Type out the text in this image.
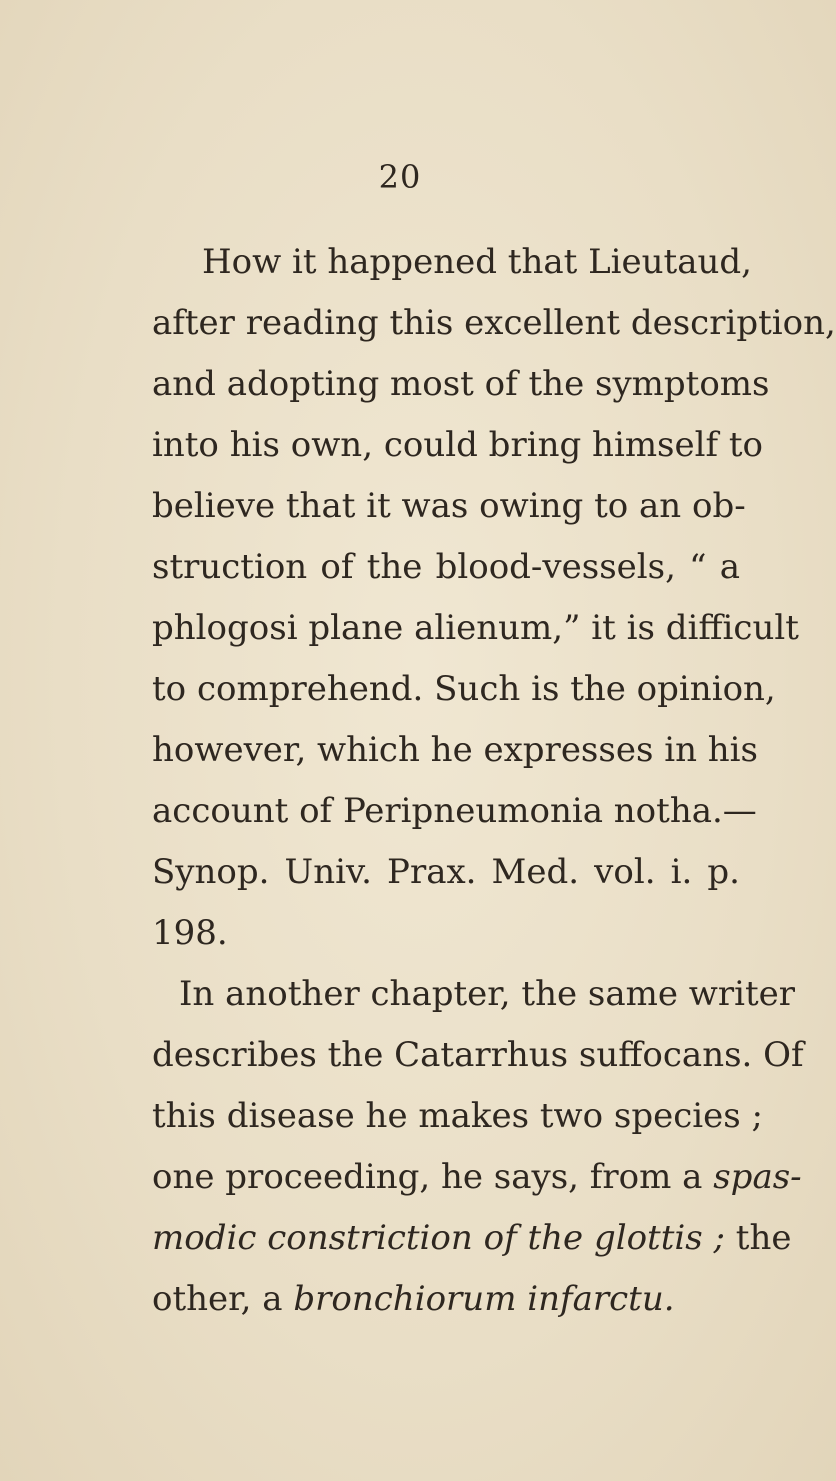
20
How it happened that Lieutaud,
after reading this excellent description,
and adopting most of the symptoms
into his own, could bring himself to
believe that it was owing to an ob-
struction of the blood-vessels, “ a
phlogosi plane alienum,” it is difficult
to comprehend. Such is the opinion,
however, which he expresses in his
account of Peripneumonia notha.—
Synop. Univ. Prax. Med. vol. i. p.
198.
In another chapter, the same writer
describes the Catarrhus suffocans. Of
this disease he makes two species ;
one proceeding, he says, from a spas-
modic constriction of the glottis ; the
other, a bronchiorum infarctu.
